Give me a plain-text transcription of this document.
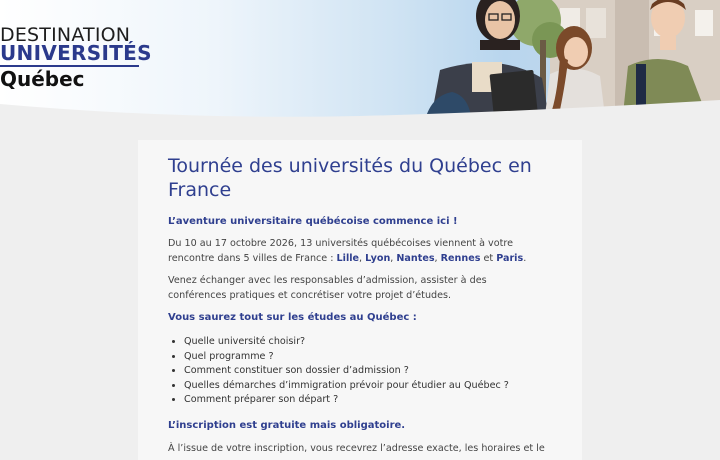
DESTINATION
UNIVERSITÉS
Québec
Tournée des universités du Québec en France
L’aventure universitaire québécoise commence ici !

Du 10 au 17 octobre 2026, 13 universités québécoises viennent à votre rencontre dans 5 villes de France : Lille, Lyon, Nantes, Rennes et Paris.

Venez échanger avec les responsables d’admission, assister à des conférences pratiques et concrétiser votre projet d’études.

Vous saurez tout sur les études au Québec :
• Quelle université choisir?
• Quel programme ?
• Comment constituer son dossier d’admission ?
• Quelles démarches d’immigration prévoir pour étudier au Québec ?
• Comment préparer son départ ?
L’inscription est gratuite mais obligatoire.

À l’issue de votre inscription, vous recevrez l’adresse exacte, les horaires et le
